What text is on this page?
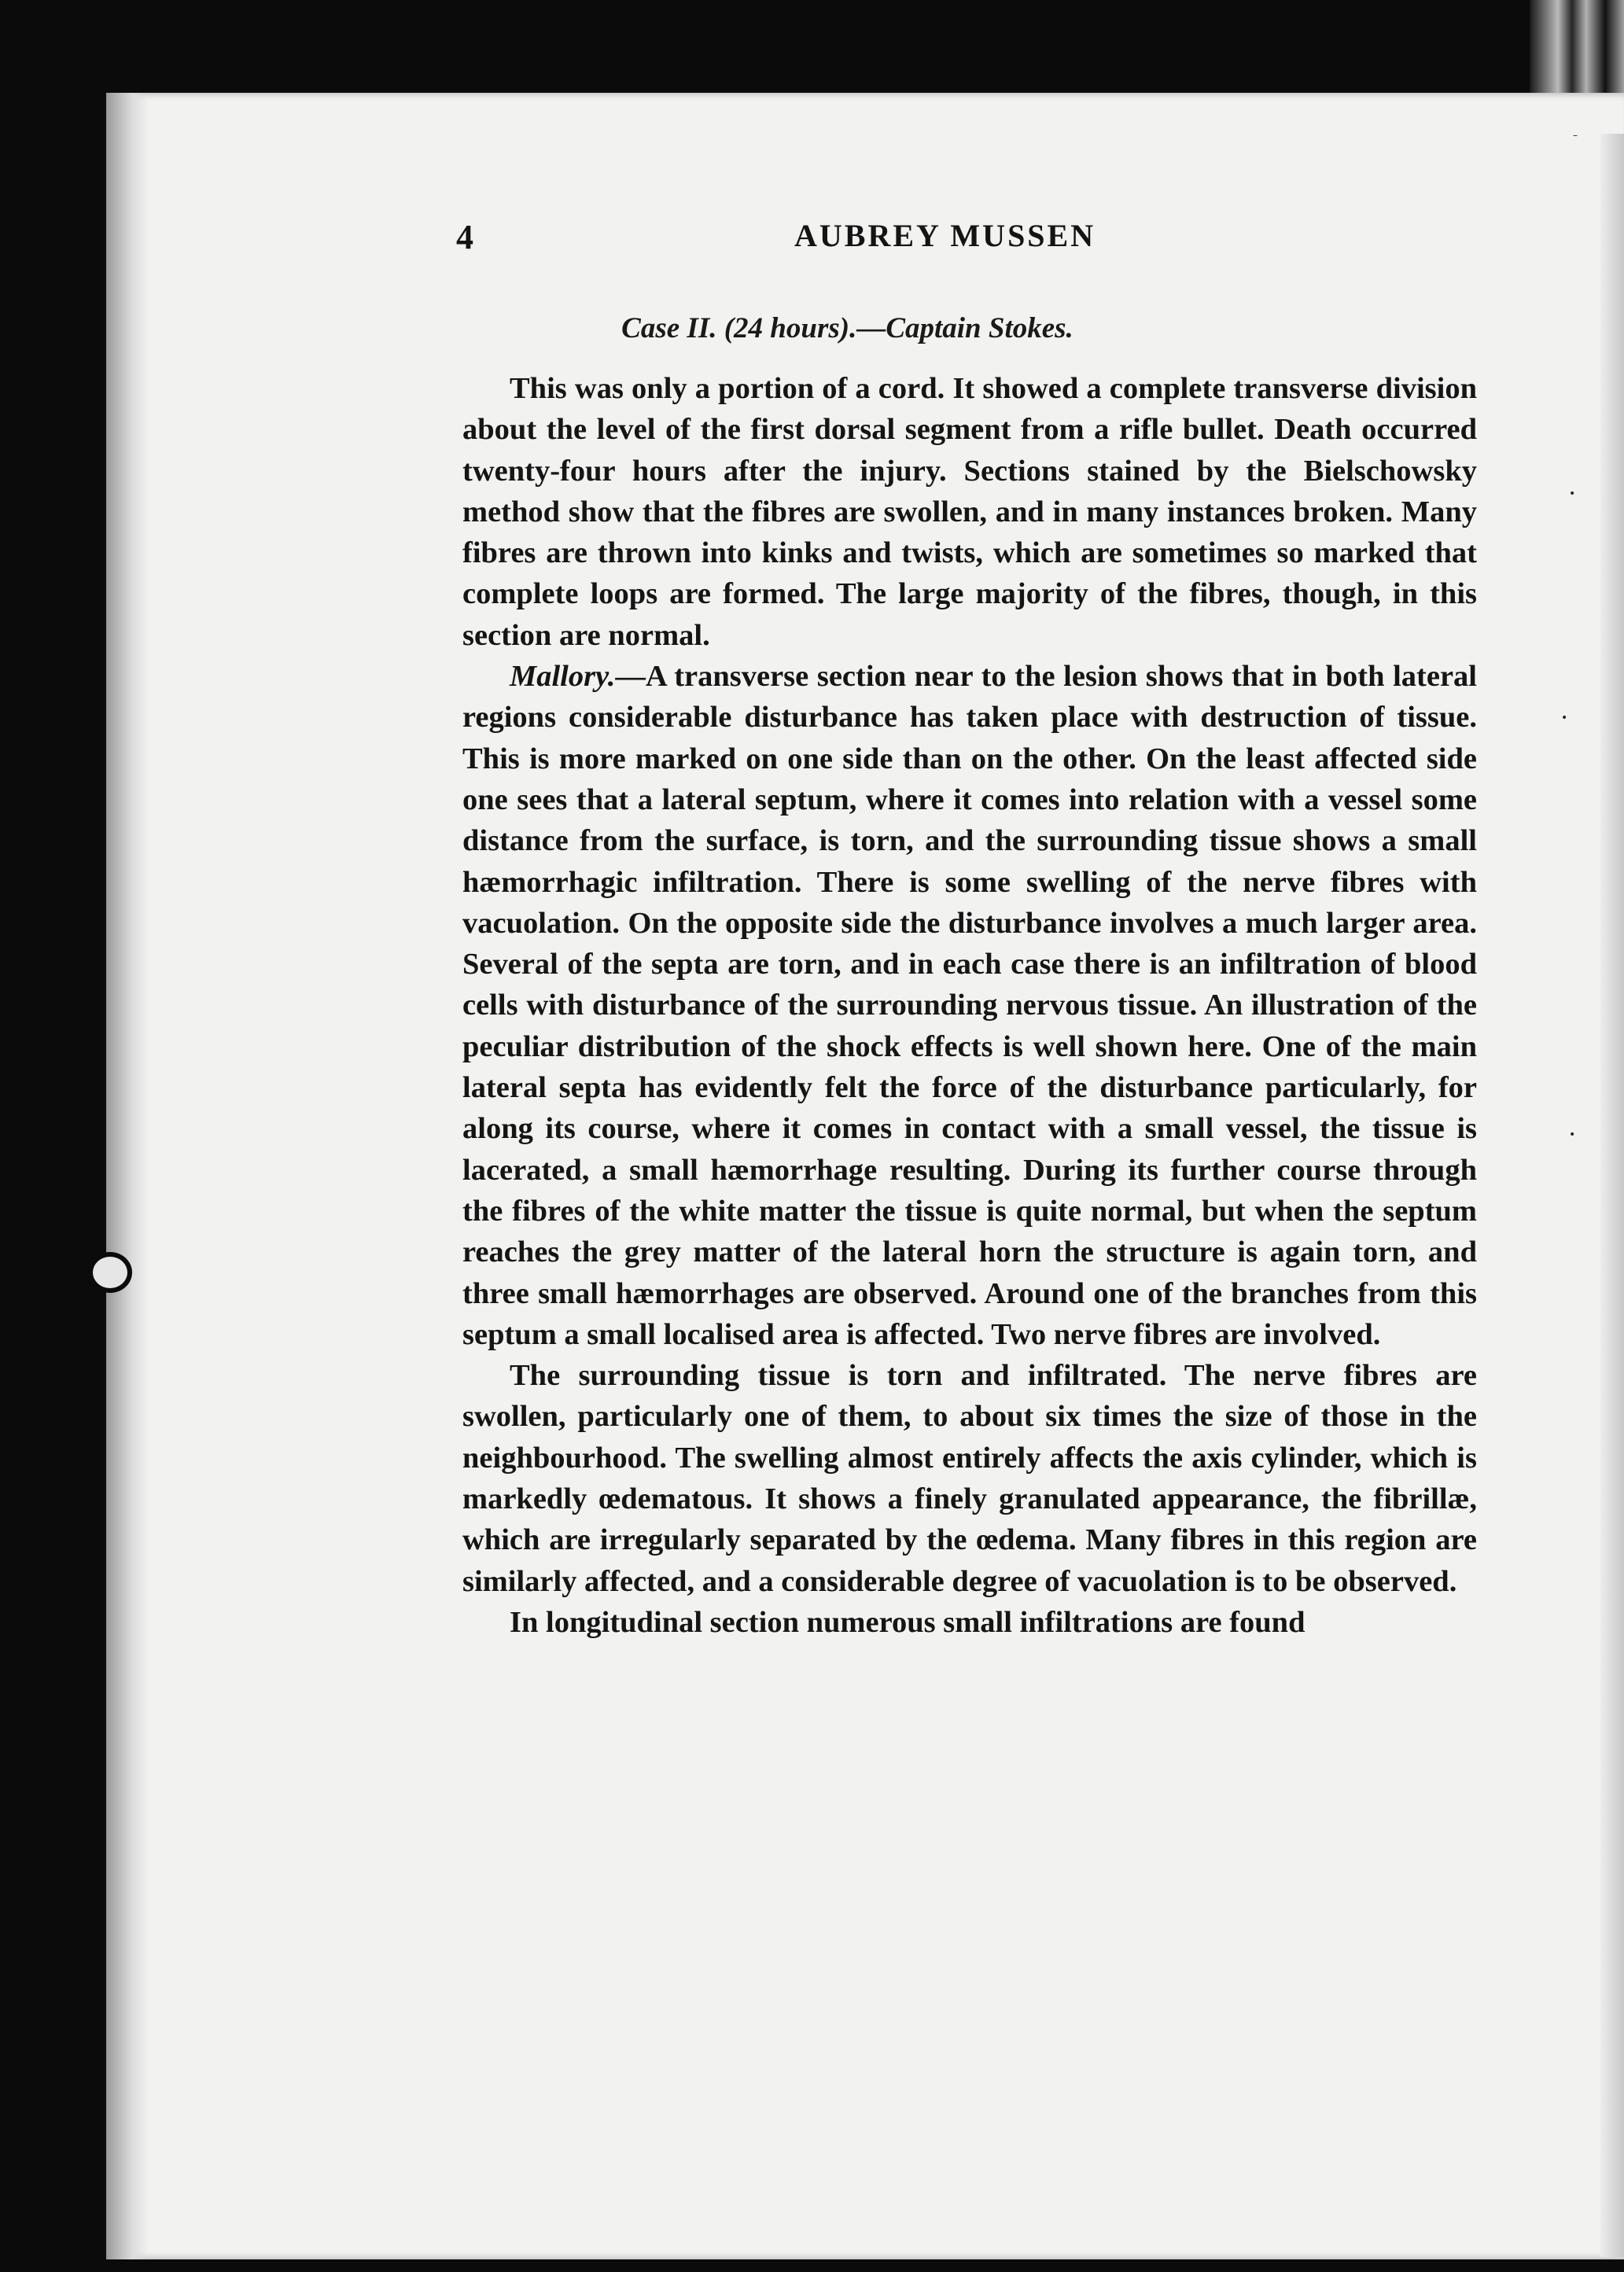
4	AUBREY MUSSEN
Case II. (24 hours).—Captain Stokes.

This was only a portion of a cord. It showed a complete transverse division about the level of the first dorsal segment from a rifle bullet. Death occurred twenty-four hours after the injury. Sections stained by the Bielschowsky method show that the fibres are swollen, and in many instances broken. Many fibres are thrown into kinks and twists, which are sometimes so marked that complete loops are formed. The large majority of the fibres, though, in this section are normal.

Mallory.—A transverse section near to the lesion shows that in both lateral regions considerable disturbance has taken place with destruction of tissue. This is more marked on one side than on the other. On the least affected side one sees that a lateral septum, where it comes into relation with a vessel some distance from the surface, is torn, and the surrounding tissue shows a small hæmorrhagic infiltration. There is some swelling of the nerve fibres with vacuolation. On the opposite side the disturbance involves a much larger area. Several of the septa are torn, and in each case there is an infiltration of blood cells with disturbance of the surrounding nervous tissue. An illustration of the peculiar distribution of the shock effects is well shown here. One of the main lateral septa has evidently felt the force of the disturbance particularly, for along its course, where it comes in contact with a small vessel, the tissue is lacerated, a small hæmorrhage resulting. During its further course through the fibres of the white matter the tissue is quite normal, but when the septum reaches the grey matter of the lateral horn the structure is again torn, and three small hæmorrhages are observed. Around one of the branches from this septum a small localised area is affected. Two nerve fibres are involved.

The surrounding tissue is torn and infiltrated. The nerve fibres are swollen, particularly one of them, to about six times the size of those in the neighbourhood. The swelling almost entirely affects the axis cylinder, which is markedly œdematous. It shows a finely granulated appearance, the fibrillæ, which are irregularly separated by the œdema. Many fibres in this region are similarly affected, and a considerable degree of vacuolation is to be observed.

In longitudinal section numerous small infiltrations are found

•
•
•
–
